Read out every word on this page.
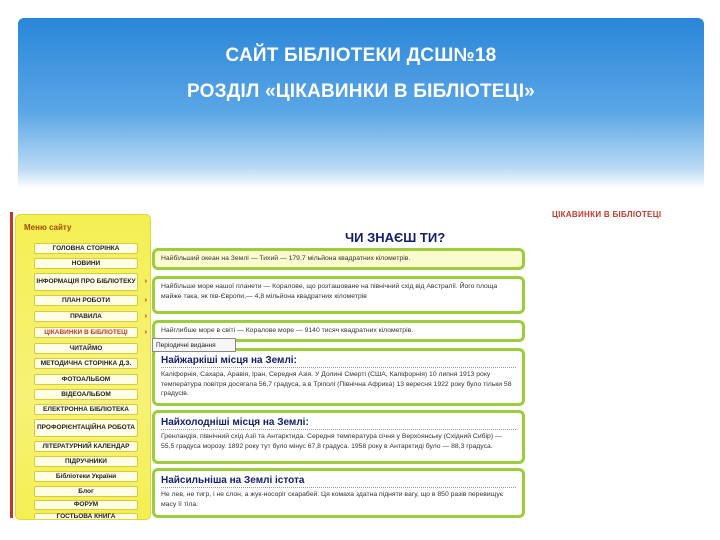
САЙТ БІБЛІОТЕКИ ДСШ№18
РОЗДІЛ «ЦІКАВИНКИ В БІБЛІОТЕЦІ»
Меню сайту
ГОЛОВНА СТОРІНКА
НОВИНИ
ІНФОРМАЦІЯ ПРО БІБЛІОТЕКУ ›
ПЛАН РОБОТИ	›
ПРАВИЛА	›
ЦІКАВИНКИ В БІБЛІОТЕЦІ ›
ЧИТАЙМО
МЕТОДИЧНА СТОРІНКА Д.З.
ФОТОАЛЬБОМ
ВІДЕОАЛЬБОМ
ЕЛЕКТРОННА БІБЛІОТЕКА
ПРОФОРІЄНТАЦІЙНА РОБОТА
ЛІТЕРАТУРНИЙ КАЛЕНДАР
ПІДРУЧНИКИ
Бібліотеки України
Блог
ФОРУМ
ГОСТЬОВА КНИГА
Періодичні видання
ЦІКАВИНКИ В БІБЛІОТЕЦІ
ЧИ ЗНАЄШ ТИ?
Найбільший океан на Землі — Тихий — 179,7 мільйона квадратних кілометрів.
Найбільше море нашої планети — Коралове, що розташоване на північний схід від Австралії. Його площа майже така, як пів-Європи,— 4,8 мільйона квадратних кілометрів
Найглибше море в світі — Коралове море — 9140 тисяч квадратних кілометрів.
Найжаркіші місця на Землі:
Каліфорнія, Сахара, Аравія, Іран, Середня Азія. У Долині Смерті (США, Каліфорнія) 10 липня 1913 року температура повітря досягала 56,7 градуса, а в Тріполі (Північна Африка) 13 вересня 1922 року було тільки 58 градусів.
Найхолодніші місця на Землі:
Гренландія, північний схід Азії та Антарктида. Середня температура січня у Верхоянську (Східний Сибір) — 55,5 градуса морозу. 1892 року тут було мінус 67,8 градуса. 1958 року в Антарктиді було — 88,3 градуса.
Найсильніша на Землі істота
Не лев, не тигр, і не слон, а жук-носоріг скарабей. Ця комаха здатна підняти вагу, що в 850 разів перевищує масу її тіла.
